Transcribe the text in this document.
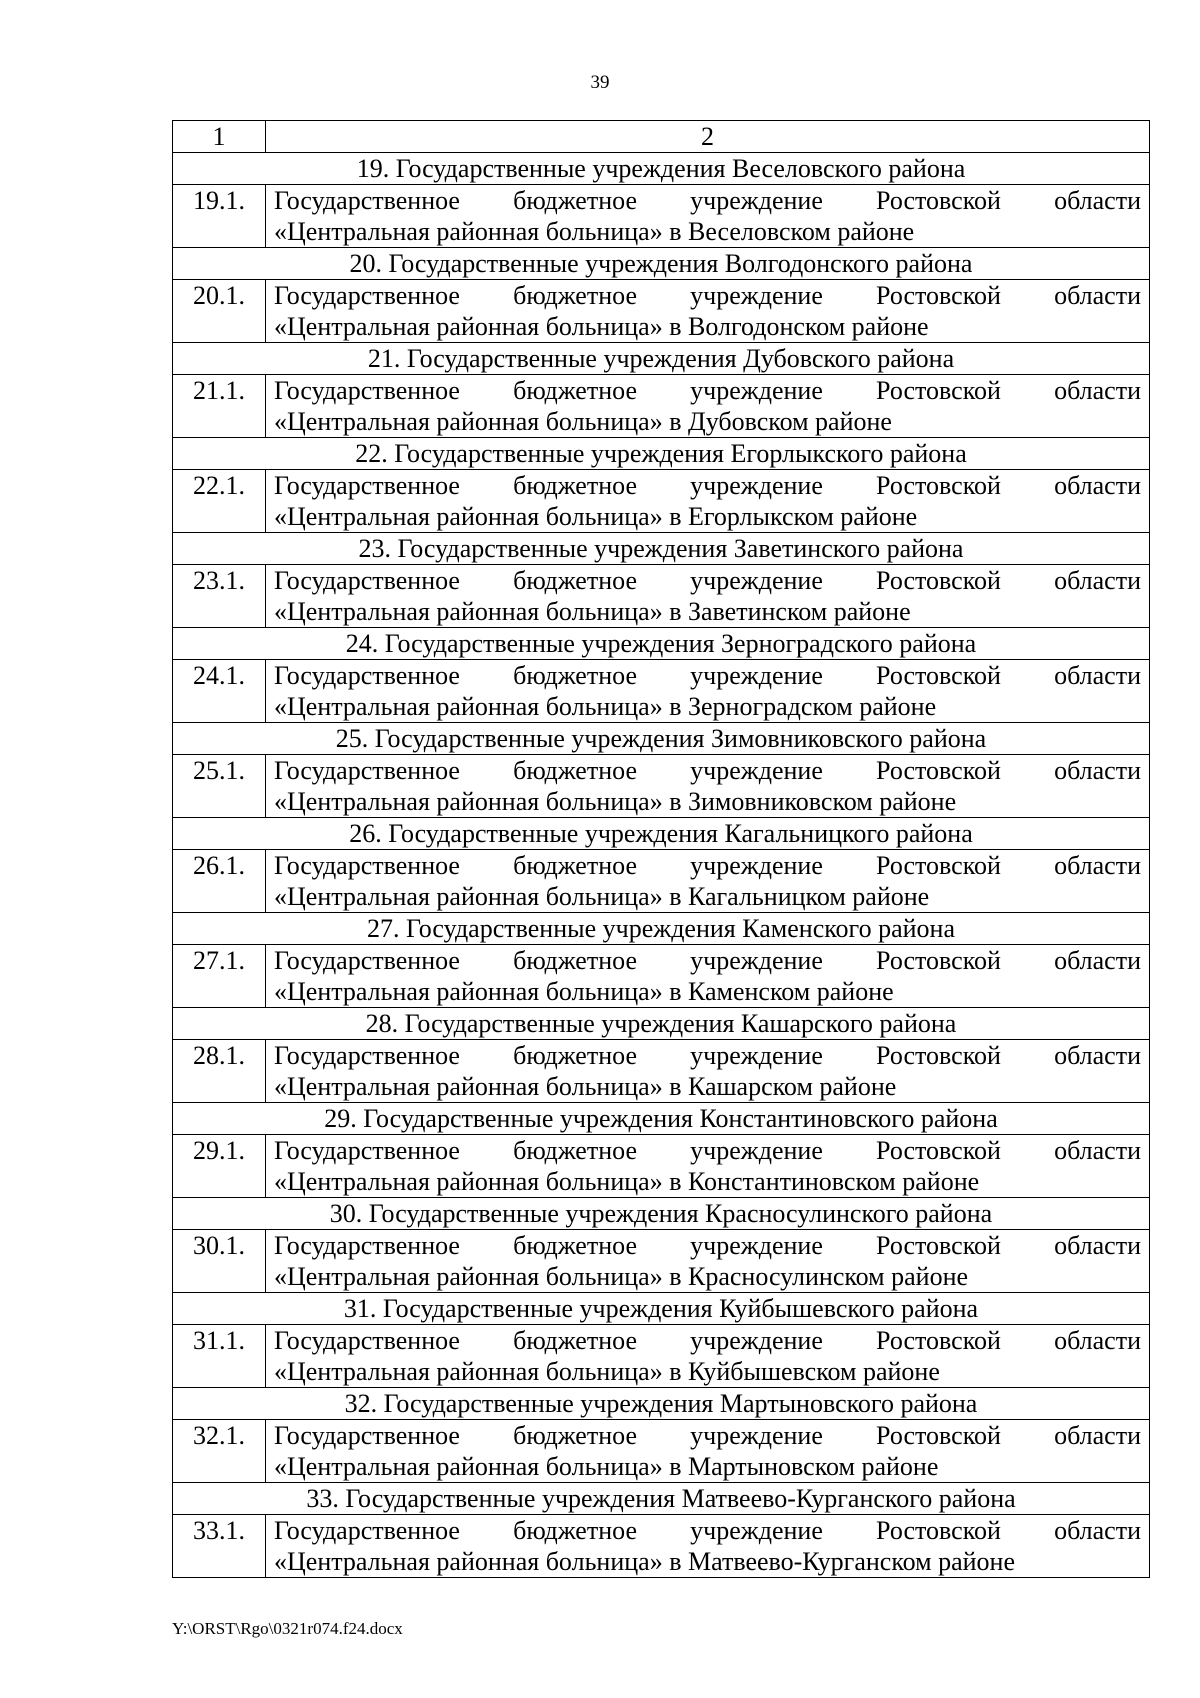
39
1	2
19. Государственные учреждения Веселовского района	
19.1.	Государственное бюджетное учреждение Ростовской области
«Центральная районная больница» в Веселовском районе

20. Государственные учреждения Волгодонского района	
20.1.	Государственное бюджетное учреждение Ростовской области
«Центральная районная больница» в Волгодонском районе

21. Государственные учреждения Дубовского района	
21.1.	Государственное бюджетное учреждение Ростовской области
«Центральная районная больница» в Дубовском районе

22. Государственные учреждения Егорлыкского района	
22.1.	Государственное бюджетное учреждение Ростовской области
«Центральная районная больница» в Егорлыкском районе

23. Государственные учреждения Заветинского района	
23.1.	Государственное бюджетное учреждение Ростовской области
«Центральная районная больница» в Заветинском районе

24. Государственные учреждения Зерноградского района	
24.1.	Государственное бюджетное учреждение Ростовской области
«Центральная районная больница» в Зерноградском районе

25. Государственные учреждения Зимовниковского района	
25.1.	Государственное бюджетное учреждение Ростовской области
«Центральная районная больница» в Зимовниковском районе

26. Государственные учреждения Кагальницкого района	
26.1.	Государственное бюджетное учреждение Ростовской области
«Центральная районная больница» в Кагальницком районе

27. Государственные учреждения Каменского района	
27.1.	Государственное бюджетное учреждение Ростовской области
«Центральная районная больница» в Каменском районе

28. Государственные учреждения Кашарского района	
28.1.	Государственное бюджетное учреждение Ростовской области
«Центральная районная больница» в Кашарском районе

29. Государственные учреждения Константиновского района	
29.1.	Государственное бюджетное учреждение Ростовской области
«Центральная районная больница» в Константиновском районе

30. Государственные учреждения Красносулинского района	
30.1.	Государственное бюджетное учреждение Ростовской области
«Центральная районная больница» в Красносулинском районе

31. Государственные учреждения Куйбышевского района	
31.1.	Государственное бюджетное учреждение Ростовской области
«Центральная районная больница» в Куйбышевском районе

32. Государственные учреждения Мартыновского района	
32.1.	Государственное бюджетное учреждение Ростовской области
«Центральная районная больница» в Мартыновском районе

33. Государственные учреждения Матвеево-Курганского района	
33.1.	Государственное бюджетное учреждение Ростовской области
«Центральная районная больница» в Матвеево-Курганском районе
Y:\ORST\Rgo\0321r074.f24.docx
